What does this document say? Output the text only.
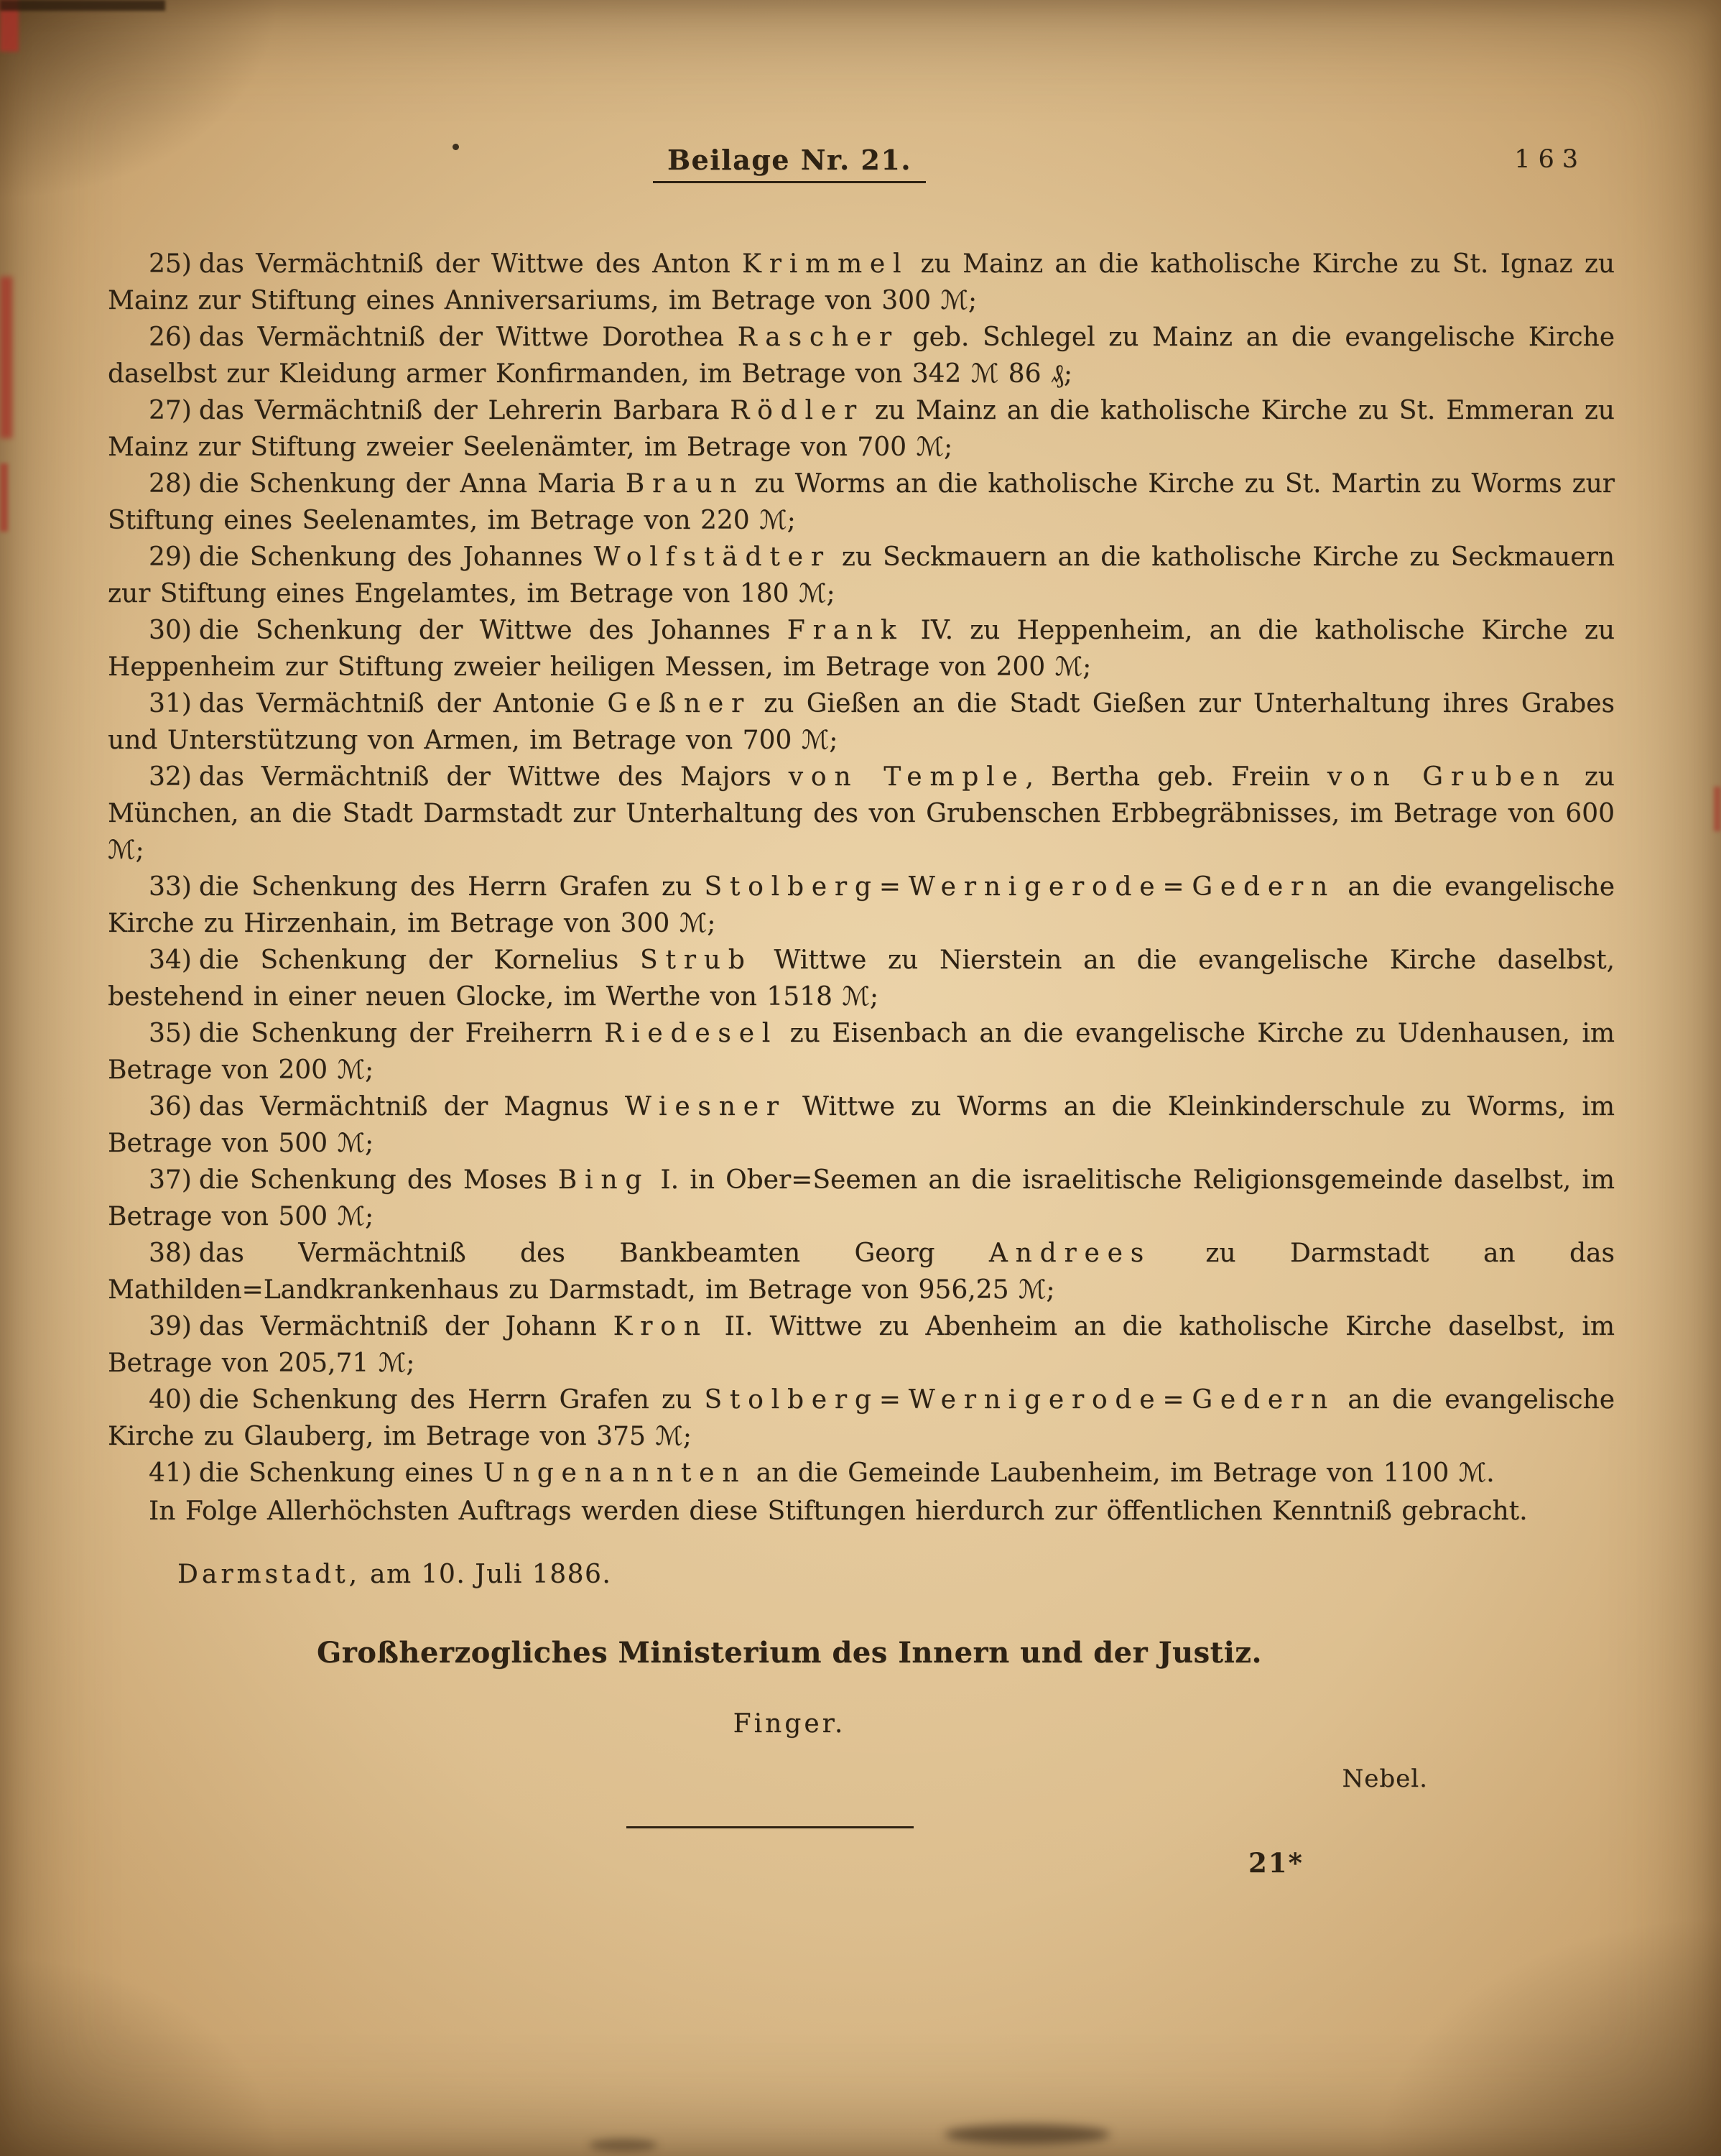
Beilage Nr. 21.	163

25) das Vermächtniß der Wittwe des Anton Krimmel zu Mainz an die katholische Kirche zu St. Ignaz zu Mainz zur Stiftung eines Anniversariums, im Betrage von 300 ℳ;

26) das Vermächtniß der Wittwe Dorothea Rascher geb. Schlegel zu Mainz an die evangelische Kirche daselbst zur Kleidung armer Konfirmanden, im Betrage von 342 ℳ 86 ₰;

27) das Vermächtniß der Lehrerin Barbara Rödler zu Mainz an die katholische Kirche zu St. Emmeran zu Mainz zur Stiftung zweier Seelenämter, im Betrage von 700 ℳ;

28) die Schenkung der Anna Maria Braun zu Worms an die katholische Kirche zu St. Martin zu Worms zur Stiftung eines Seelenamtes, im Betrage von 220 ℳ;

29) die Schenkung des Johannes Wolfstädter zu Seckmauern an die katholische Kirche zu Seckmauern zur Stiftung eines Engelamtes, im Betrage von 180 ℳ;

30) die Schenkung der Wittwe des Johannes Frank IV. zu Heppenheim, an die katholische Kirche zu Heppenheim zur Stiftung zweier heiligen Messen, im Betrage von 200 ℳ;

31) das Vermächtniß der Antonie Geßner zu Gießen an die Stadt Gießen zur Unterhaltung ihres Grabes und Unterstützung von Armen, im Betrage von 700 ℳ;

32) das Vermächtniß der Wittwe des Majors von Temple, Bertha geb. Freiin von Gruben zu München, an die Stadt Darmstadt zur Unterhaltung des von Grubenschen Erbbegräbnisses, im Betrage von 600 ℳ;

33) die Schenkung des Herrn Grafen zu Stolberg=Wernigerode=Gedern an die evangelische Kirche zu Hirzenhain, im Betrage von 300 ℳ;

34) die Schenkung der Kornelius Strub Wittwe zu Nierstein an die evangelische Kirche daselbst, bestehend in einer neuen Glocke, im Werthe von 1518 ℳ;

35) die Schenkung der Freiherrn Riedesel zu Eisenbach an die evangelische Kirche zu Udenhausen, im Betrage von 200 ℳ;

36) das Vermächtniß der Magnus Wiesner Wittwe zu Worms an die Kleinkinderschule zu Worms, im Betrage von 500 ℳ;

37) die Schenkung des Moses Bing I. in Ober=Seemen an die israelitische Religionsgemeinde daselbst, im Betrage von 500 ℳ;

38) das Vermächtniß des Bankbeamten Georg Andrees zu Darmstadt an das Mathilden=Landkrankenhaus zu Darmstadt, im Betrage von 956,25 ℳ;

39) das Vermächtniß der Johann Kron II. Wittwe zu Abenheim an die katholische Kirche daselbst, im Betrage von 205,71 ℳ;

40) die Schenkung des Herrn Grafen zu Stolberg=Wernigerode=Gedern an die evangelische Kirche zu Glauberg, im Betrage von 375 ℳ;

41) die Schenkung eines Ungenannten an die Gemeinde Laubenheim, im Betrage von 1100 ℳ.

In Folge Allerhöchsten Auftrags werden diese Stiftungen hierdurch zur öffentlichen Kenntniß gebracht.

Darmstadt, am 10. Juli 1886.

Großherzogliches Ministerium des Innern und der Justiz.

Finger.

Nebel.

21*
